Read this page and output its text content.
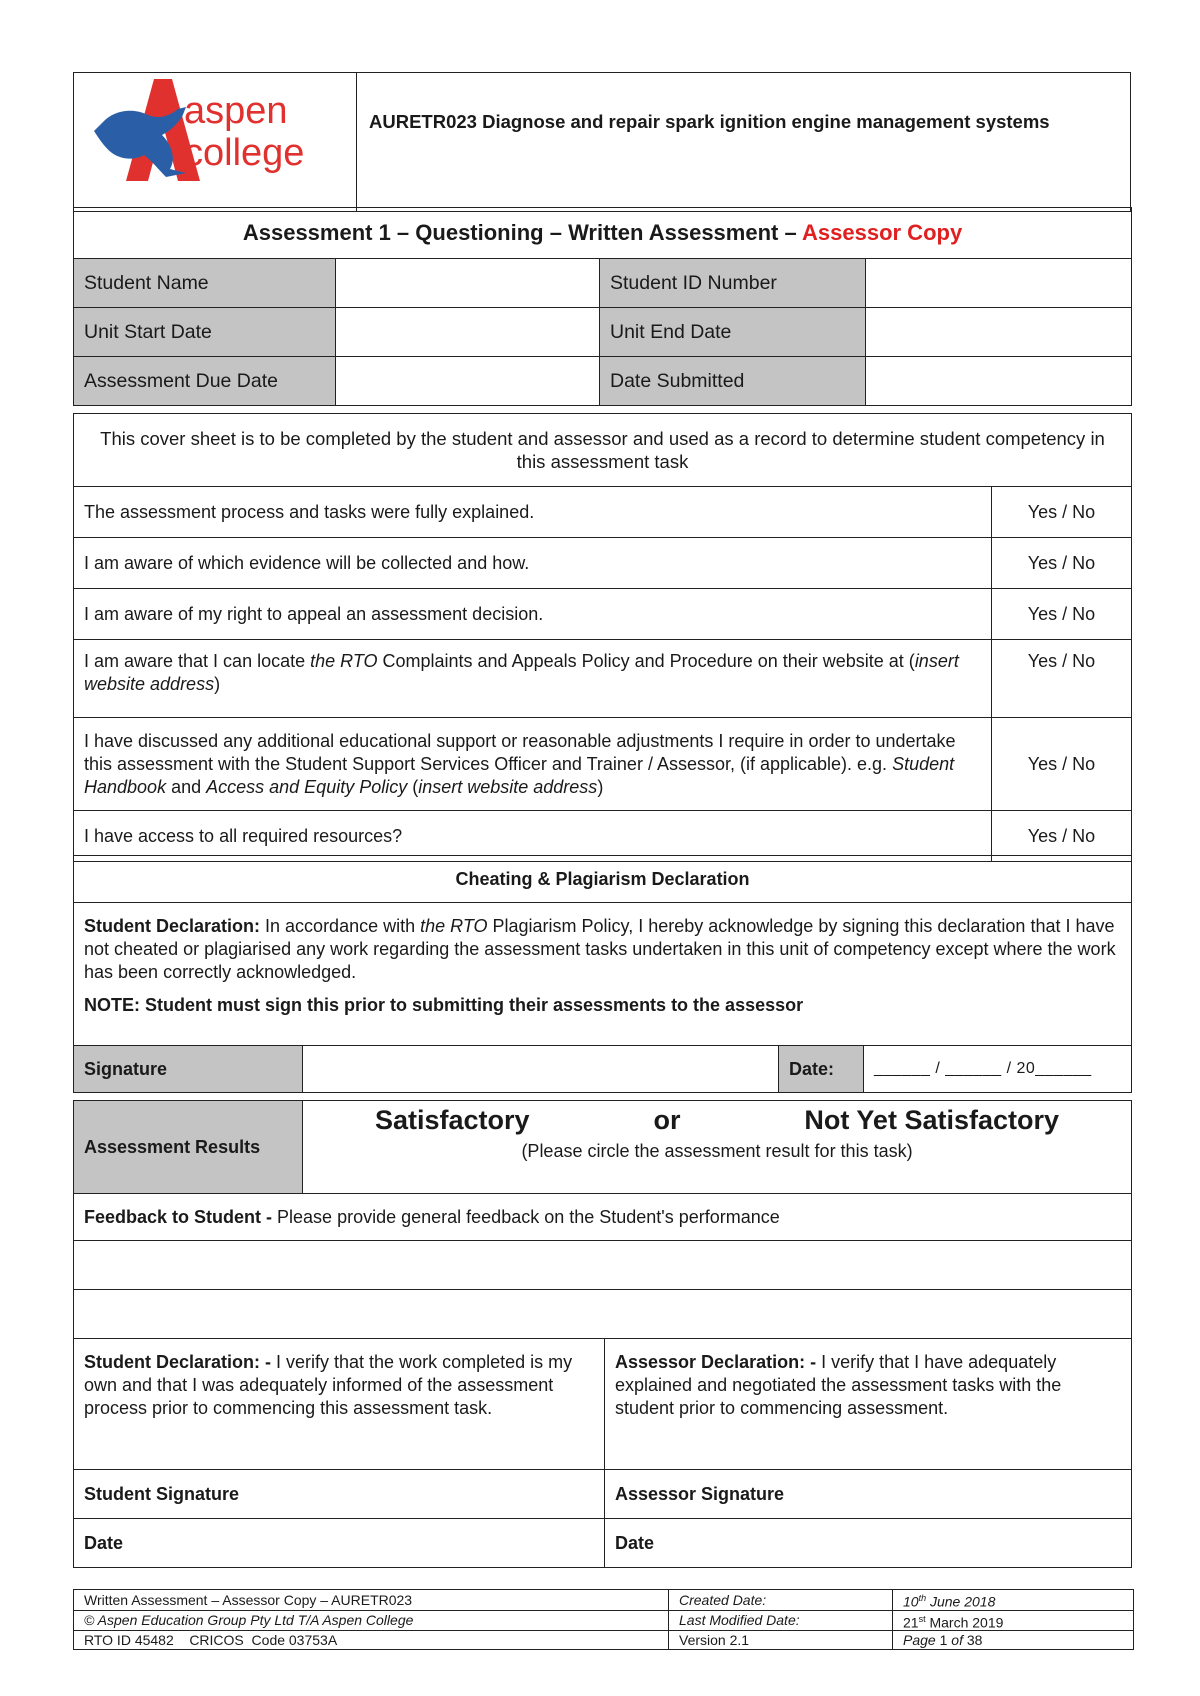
aspen
college

AURETR023 Diagnose and repair spark ignition engine management systems
Assessment 1 – Questioning – Written Assessment – Assessor Copy			
Student Name		Student ID Number	
Unit Start Date		Unit End Date	
Assessment Due Date		Date Submitted	
This cover sheet is to be completed by the student and assessor and used as a record to determine student competency in this assessment task	
The assessment process and tasks were fully explained.	Yes / No
I am aware of which evidence will be collected and how.	Yes / No
I am aware of my right to appeal an assessment decision.	Yes / No
I am aware that I can locate the RTO Complaints and Appeals Policy and Procedure on their website at (insert website address)	Yes / No
I have discussed any additional educational support or reasonable adjustments I require in order to undertake this assessment with the Student Support Services Officer and Trainer / Assessor, (if applicable). e.g. Student Handbook and Access and Equity Policy (insert website address)	Yes / No
I have access to all required resources?	Yes / No
Cheating & Plagiarism Declaration

Student Declaration: In accordance with the RTO Plagiarism Policy, I hereby acknowledge by signing this declaration that I have not cheated or plagiarised any work regarding the assessment tasks undertaken in this unit of competency except where the work has been correctly acknowledged.
NOTE: Student must sign this prior to submitting their assessments to the assessor

Signature		Date:	______ / ______ / 20______
Assessment Results	Satisfactory or Not Yet Satisfactory
(Please circle the assessment result for this task)	

Feedback to Student - Please provide general feedback on the Student's performance		

Student Declaration: - I verify that the work completed is my own and that I was adequately informed of the assessment process prior to commencing this assessment task.		Assessor Declaration: - I verify that I have adequately explained and negotiated the assessment tasks with the student prior to commencing assessment.
Student Signature		Assessor Signature
Date		Date
Written Assessment – Assessor Copy – AURETR023	Created Date:	10th June 2018
© Aspen Education Group Pty Ltd T/A Aspen College	Last Modified Date:	21st March 2019
RTO ID 45482    CRICOS  Code 03753A	Version 2.1	Page 1 of 38
